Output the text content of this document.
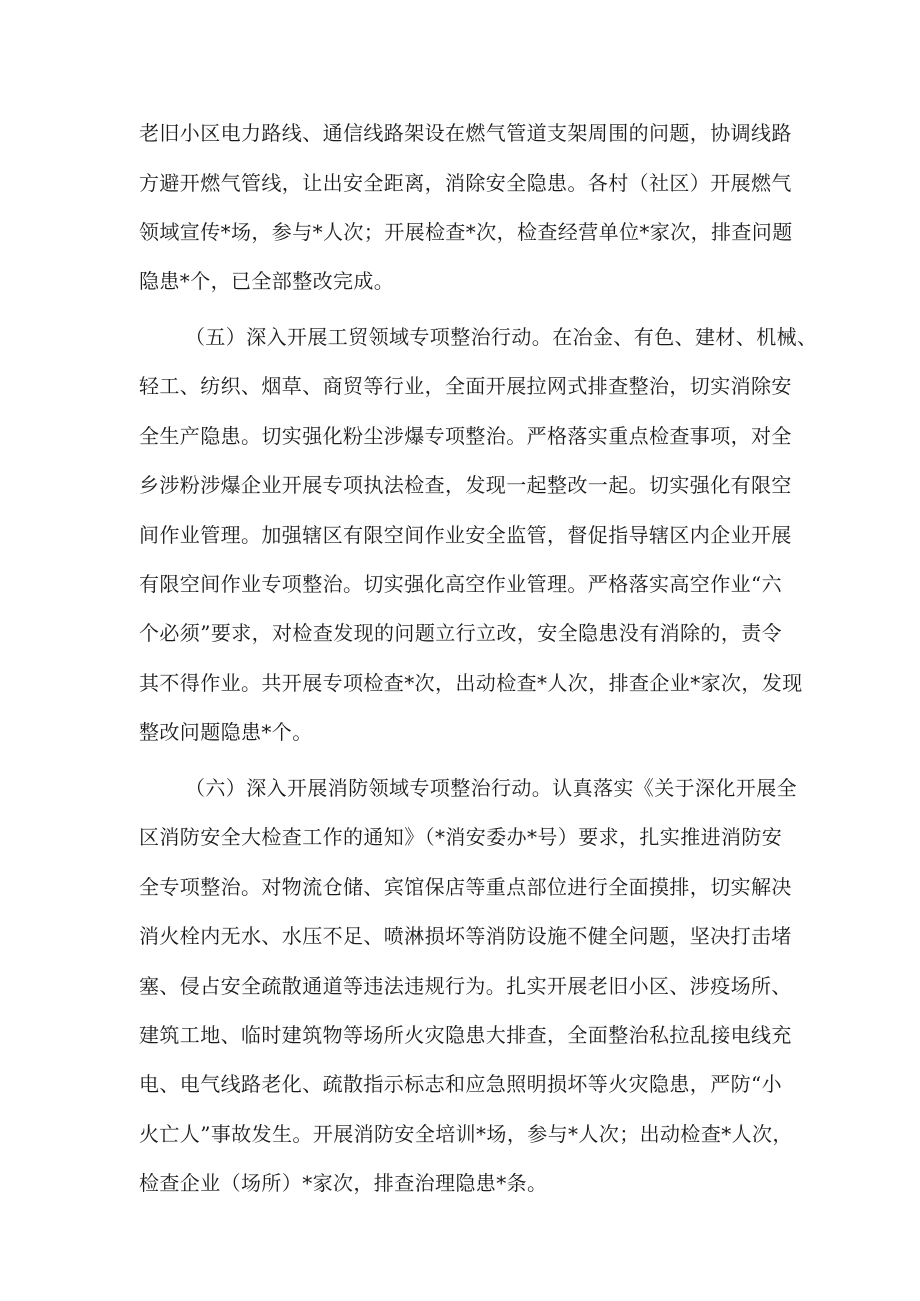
老旧小区电力路线、通信线路架设在燃气管道支架周围的问题，协调线路
方避开燃气管线，让出安全距离，消除安全隐患。各村（社区）开展燃气
领域宣传*场，参与*人次；开展检查*次，检查经营单位*家次，排查问题
隐患*个，已全部整改完成。
（五）深入开展工贸领域专项整治行动。在冶金、有色、建材、机械、
轻工、纺织、烟草、商贸等行业，全面开展拉网式排查整治，切实消除安
全生产隐患。切实强化粉尘涉爆专项整治。严格落实重点检查事项，对全
乡涉粉涉爆企业开展专项执法检查，发现一起整改一起。切实强化有限空
间作业管理。加强辖区有限空间作业安全监管，督促指导辖区内企业开展
有限空间作业专项整治。切实强化高空作业管理。严格落实高空作业“六
个必须”要求，对检查发现的问题立行立改，安全隐患没有消除的，责令
其不得作业。共开展专项检查*次，出动检查*人次，排查企业*家次，发现
整改问题隐患*个。
（六）深入开展消防领域专项整治行动。认真落实《关于深化开展全
区消防安全大检查工作的通知》（*消安委办*号）要求，扎实推进消防安
全专项整治。对物流仓储、宾馆保店等重点部位进行全面摸排，切实解决
消火栓内无水、水压不足、喷淋损坏等消防设施不健全问题，坚决打击堵
塞、侵占安全疏散通道等违法违规行为。扎实开展老旧小区、涉疫场所、
建筑工地、临时建筑物等场所火灾隐患大排查，全面整治私拉乱接电线充
电、电气线路老化、疏散指示标志和应急照明损坏等火灾隐患，严防“小
火亡人”事故发生。开展消防安全培训*场，参与*人次；出动检查*人次，
检查企业（场所）*家次，排查治理隐患*条。
